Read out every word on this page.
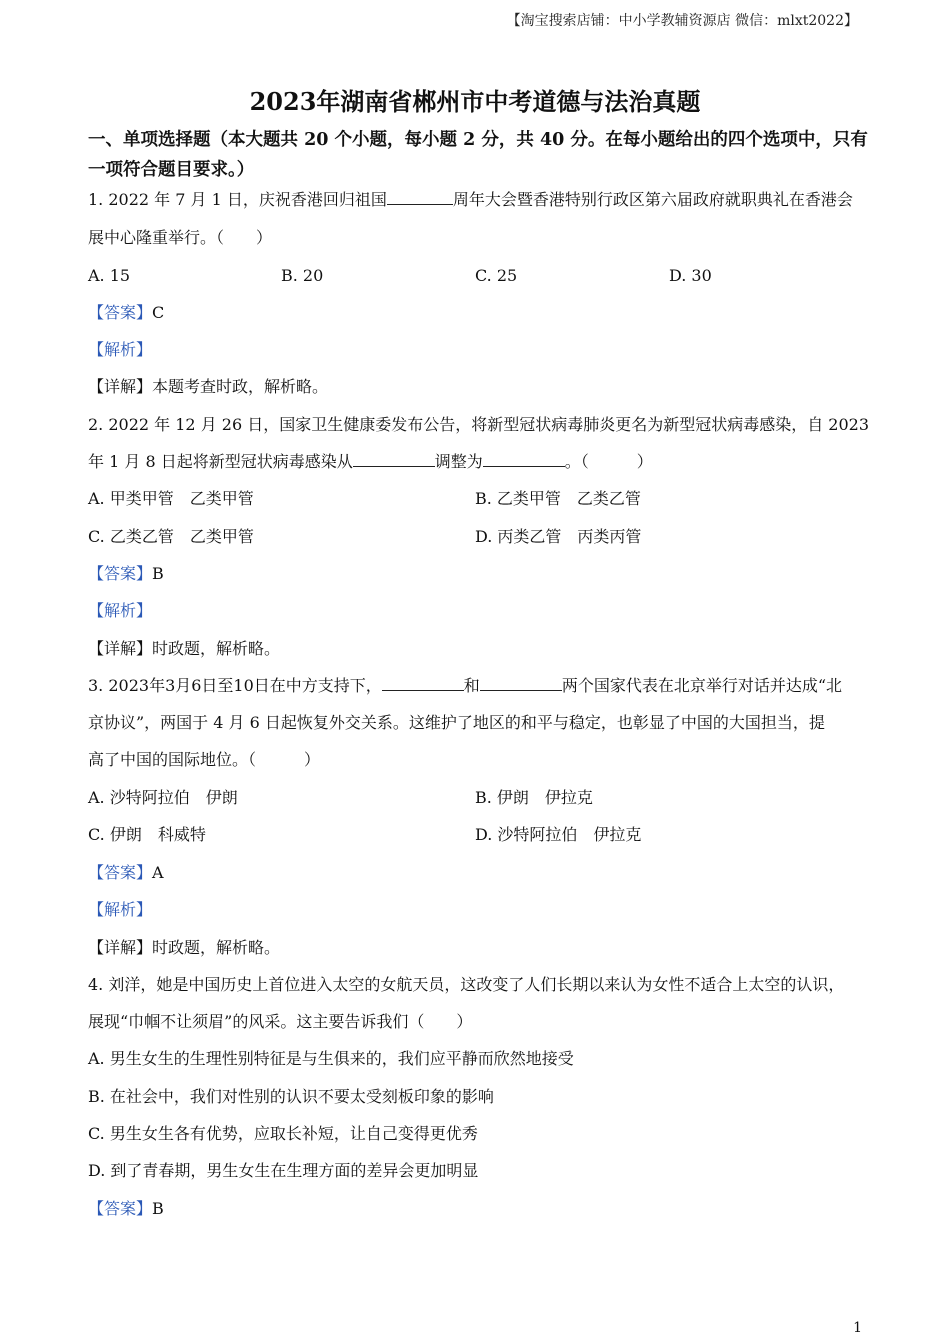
【淘宝搜索店铺：中小学教辅资源店 微信：mlxt2022】
2023年湖南省郴州市中考道德与法治真题
一、单项选择题（本大题共 20 个小题，每小题 2 分，共 40 分。在每小题给出的四个选项中，只有一项符合题目要求。）
1. 2022 年 7 月 1 日，庆祝香港回归祖国	周年大会暨香港特别行政区第六届政府就职典礼在香港会
展中心隆重举行。（　　）
A. 15	B. 20	C. 25	D. 30
【答案】C
【解析】
【详解】本题考查时政，解析略。
2. 2022 年 12 月 26 日，国家卫生健康委发布公告，将新型冠状病毒肺炎更名为新型冠状病毒感染，自 2023
年 1 月 8 日起将新型冠状病毒感染从	调整为	。（　　　）
A. 甲类甲管　乙类甲管	B. 乙类甲管　乙类乙管
C. 乙类乙管　乙类甲管	D. 丙类乙管　丙类丙管
【答案】B
【解析】
【详解】时政题，解析略。
3. 2023年3月6日至10日在中方支持下，	和	两个国家代表在北京举行对话并达成“北
京协议”，两国于 4 月 6 日起恢复外交关系。这维护了地区的和平与稳定，也彰显了中国的大国担当，提
高了中国的国际地位。（　　　）
A. 沙特阿拉伯　伊朗	B. 伊朗　伊拉克
C. 伊朗　科威特	D. 沙特阿拉伯　伊拉克
【答案】A
【解析】
【详解】时政题，解析略。
4. 刘洋，她是中国历史上首位进入太空的女航天员，这改变了人们长期以来认为女性不适合上太空的认识，
展现“巾帼不让须眉”的风采。这主要告诉我们（　　）
A. 男生女生的生理性别特征是与生俱来的，我们应平静而欣然地接受
B. 在社会中，我们对性别的认识不要太受刻板印象的影响
C. 男生女生各有优势，应取长补短，让自己变得更优秀
D. 到了青春期，男生女生在生理方面的差异会更加明显
【答案】B
1
